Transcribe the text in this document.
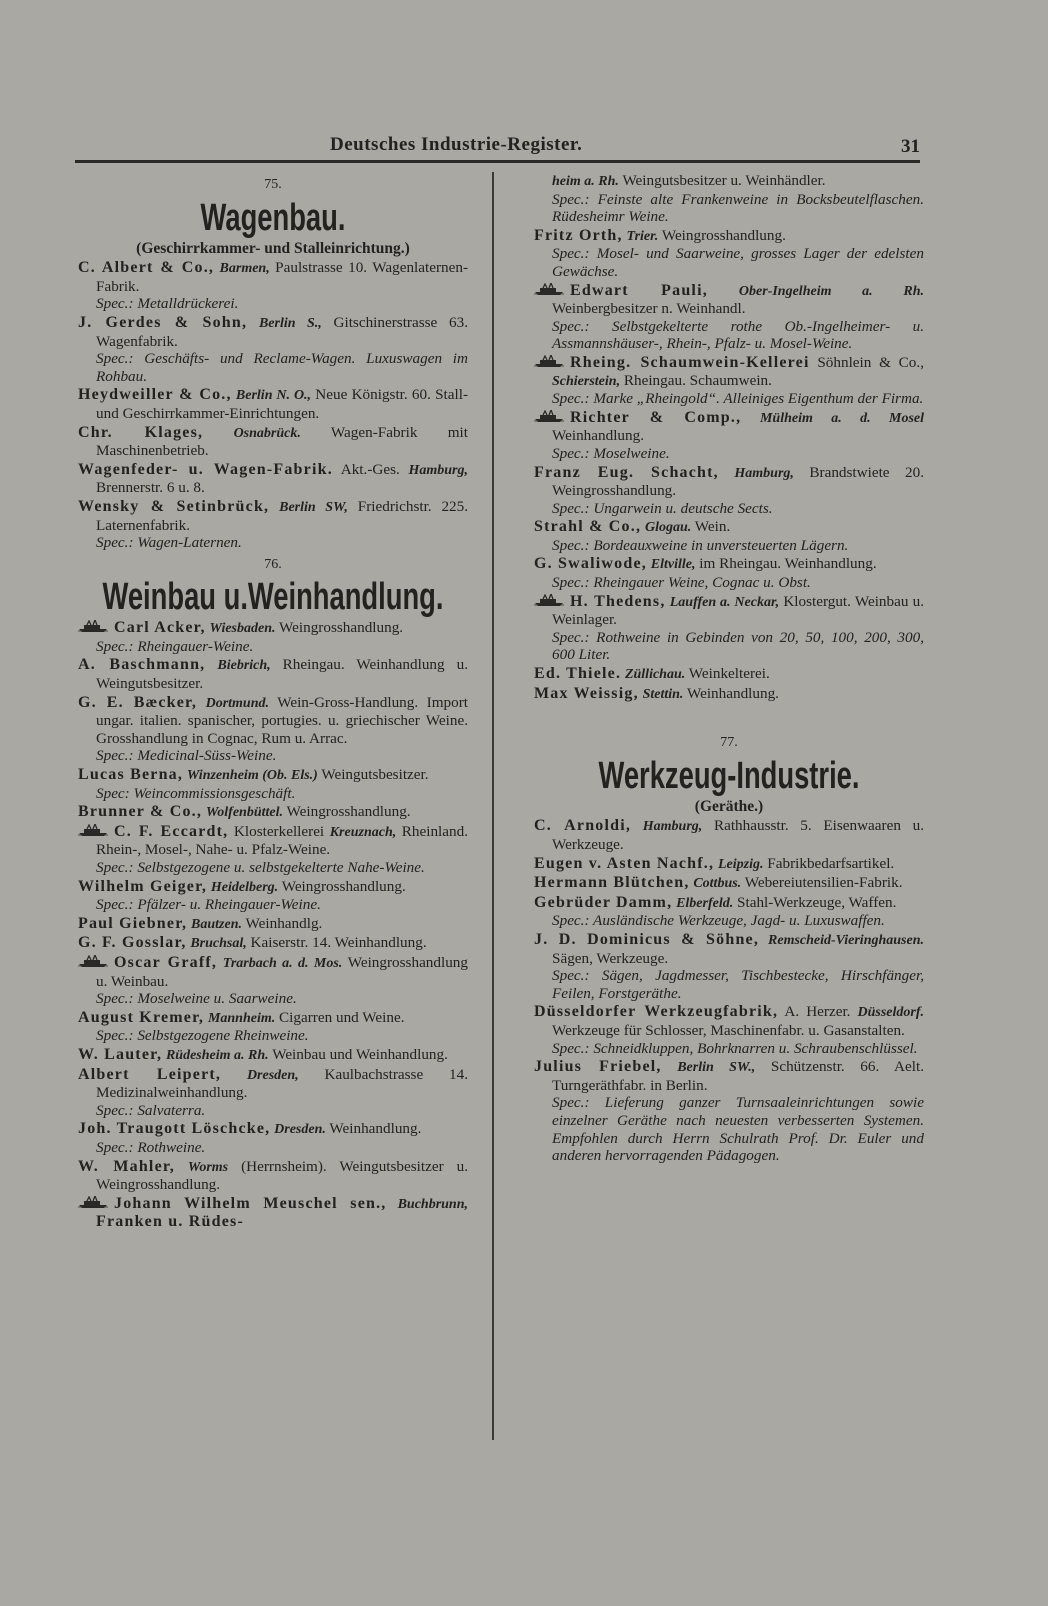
Deutsches Industrie-Register.	31
75.
Wagenbau.
(Geschirrkammer- und Stalleinrichtung.)
C. Albert & Co., Barmen, Paulstrasse 10. Wagenlaternen-Fabrik.
Spec.: Metalldrückerei.
J. Gerdes & Sohn, Berlin S., Gitschinerstrasse 63. Wagenfabrik.
Spec.: Geschäfts- und Reclame-Wagen. Luxuswagen im Rohbau.
Heydweiller & Co., Berlin N. O., Neue Königstr. 60. Stall- und Geschirrkammer-Einrichtungen.
Chr. Klages, Osnabrück. Wagen-Fabrik mit Maschinenbetrieb.
Wagenfeder- u. Wagen-Fabrik. Akt.-Ges. Hamburg, Brennerstr. 6 u. 8.
Wensky & Setinbrück, Berlin SW, Friedrichstr. 225. Laternenfabrik.
Spec.: Wagen-Laternen.
76.
Weinbau u.Weinhandlung.
Carl Acker, Wiesbaden. Weingrosshandlung.
Spec.: Rheingauer-Weine.
A. Baschmann, Biebrich, Rheingau. Weinhandlung u. Weingutsbesitzer.
G. E. Bæcker, Dortmund. Wein-Gross-Handlung. Import ungar. italien. spanischer, portugies. u. griechischer Weine. Grosshandlung in Cognac, Rum u. Arrac.
Spec.: Medicinal-Süss-Weine.
Lucas Berna, Winzenheim (Ob. Els.) Weingutsbesitzer.
Spec: Weincommissionsgeschäft.
Brunner & Co., Wolfenbüttel. Weingrosshandlung.
C. F. Eccardt, Klosterkellerei Kreuznach, Rheinland. Rhein-, Mosel-, Nahe- u. Pfalz-Weine.
Spec.: Selbstgezogene u. selbstgekelterte Nahe-Weine.
Wilhelm Geiger, Heidelberg. Weingrosshandlung.
Spec.: Pfälzer- u. Rheingauer-Weine.
Paul Giebner, Bautzen. Weinhandlg.
G. F. Gosslar, Bruchsal, Kaiserstr. 14. Weinhandlung.
Oscar Graff, Trarbach a. d. Mos. Weingrosshandlung u. Weinbau.
Spec.: Moselweine u. Saarweine.
August Kremer, Mannheim. Cigarren und Weine.
Spec.: Selbstgezogene Rheinweine.
W. Lauter, Rüdesheim a. Rh. Weinbau und Weinhandlung.
Albert Leipert, Dresden, Kaulbachstrasse 14. Medizinalweinhandlung.
Spec.: Salvaterra.
Joh. Traugott Löschcke, Dresden. Weinhandlung.
Spec.: Rothweine.
W. Mahler, Worms (Herrnsheim). Weingutsbesitzer u. Weingrosshandlung.
Johann Wilhelm Meuschel sen., Buchbrunn, Franken u. Rüdes-
heim a. Rh. Weingutsbesitzer u. Weinhändler.
Spec.: Feinste alte Frankenweine in Bocksbeutelflaschen. Rüdesheimr Weine.
Fritz Orth, Trier. Weingrosshandlung.
Spec.: Mosel- und Saarweine, grosses Lager der edelsten Gewächse.
Edwart Pauli, Ober-Ingelheim a. Rh. Weinbergbesitzer n. Weinhandl.
Spec.: Selbstgekelterte rothe Ob.-Ingelheimer- u. Assmannshäuser-, Rhein-, Pfalz- u. Mosel-Weine.
Rheing. Schaumwein-Kellerei Söhnlein & Co., Schierstein, Rheingau. Schaumwein.
Spec.: Marke „Rheingold“. Alleiniges Eigenthum der Firma.
Richter & Comp., Mülheim a. d. Mosel Weinhandlung.
Spec.: Moselweine.
Franz Eug. Schacht, Hamburg, Brandstwiete 20. Weingrosshandlung.
Spec.: Ungarwein u. deutsche Sects.
Strahl & Co., Glogau. Wein.
Spec.: Bordeauxweine in unversteuerten Lägern.
G. Swaliwode, Eltville, im Rheingau. Weinhandlung.
Spec.: Rheingauer Weine, Cognac u. Obst.
H. Thedens, Lauffen a. Neckar, Klostergut. Weinbau u. Weinlager.
Spec.: Rothweine in Gebinden von 20, 50, 100, 200, 300, 600 Liter.
Ed. Thiele. Züllichau. Weinkelterei.
Max Weissig, Stettin. Weinhandlung.
77.
Werkzeug-Industrie.
(Geräthe.)
C. Arnoldi, Hamburg, Rathhausstr. 5. Eisenwaaren u. Werkzeuge.
Eugen v. Asten Nachf., Leipzig. Fabrikbedarfsartikel.
Hermann Blütchen, Cottbus. Webereiutensilien-Fabrik.
Gebrüder Damm, Elberfeld. Stahl-Werkzeuge, Waffen.
Spec.: Ausländische Werkzeuge, Jagd- u. Luxuswaffen.
J. D. Dominicus & Söhne, Remscheid-Vieringhausen. Sägen, Werkzeuge.
Spec.: Sägen, Jagdmesser, Tischbestecke, Hirschfänger, Feilen, Forstgeräthe.
Düsseldorfer Werkzeugfabrik, A. Herzer. Düsseldorf. Werkzeuge für Schlosser, Maschinenfabr. u. Gasanstalten.
Spec.: Schneidkluppen, Bohrknarren u. Schraubenschlüssel.
Julius Friebel, Berlin SW., Schützenstr. 66. Aelt. Turngeräthfabr. in Berlin.
Spec.: Lieferung ganzer Turnsaaleinrichtungen sowie einzelner Geräthe nach neuesten verbesserten Systemen. Empfohlen durch Herrn Schulrath Prof. Dr. Euler und anderen hervorragenden Pädagogen.
